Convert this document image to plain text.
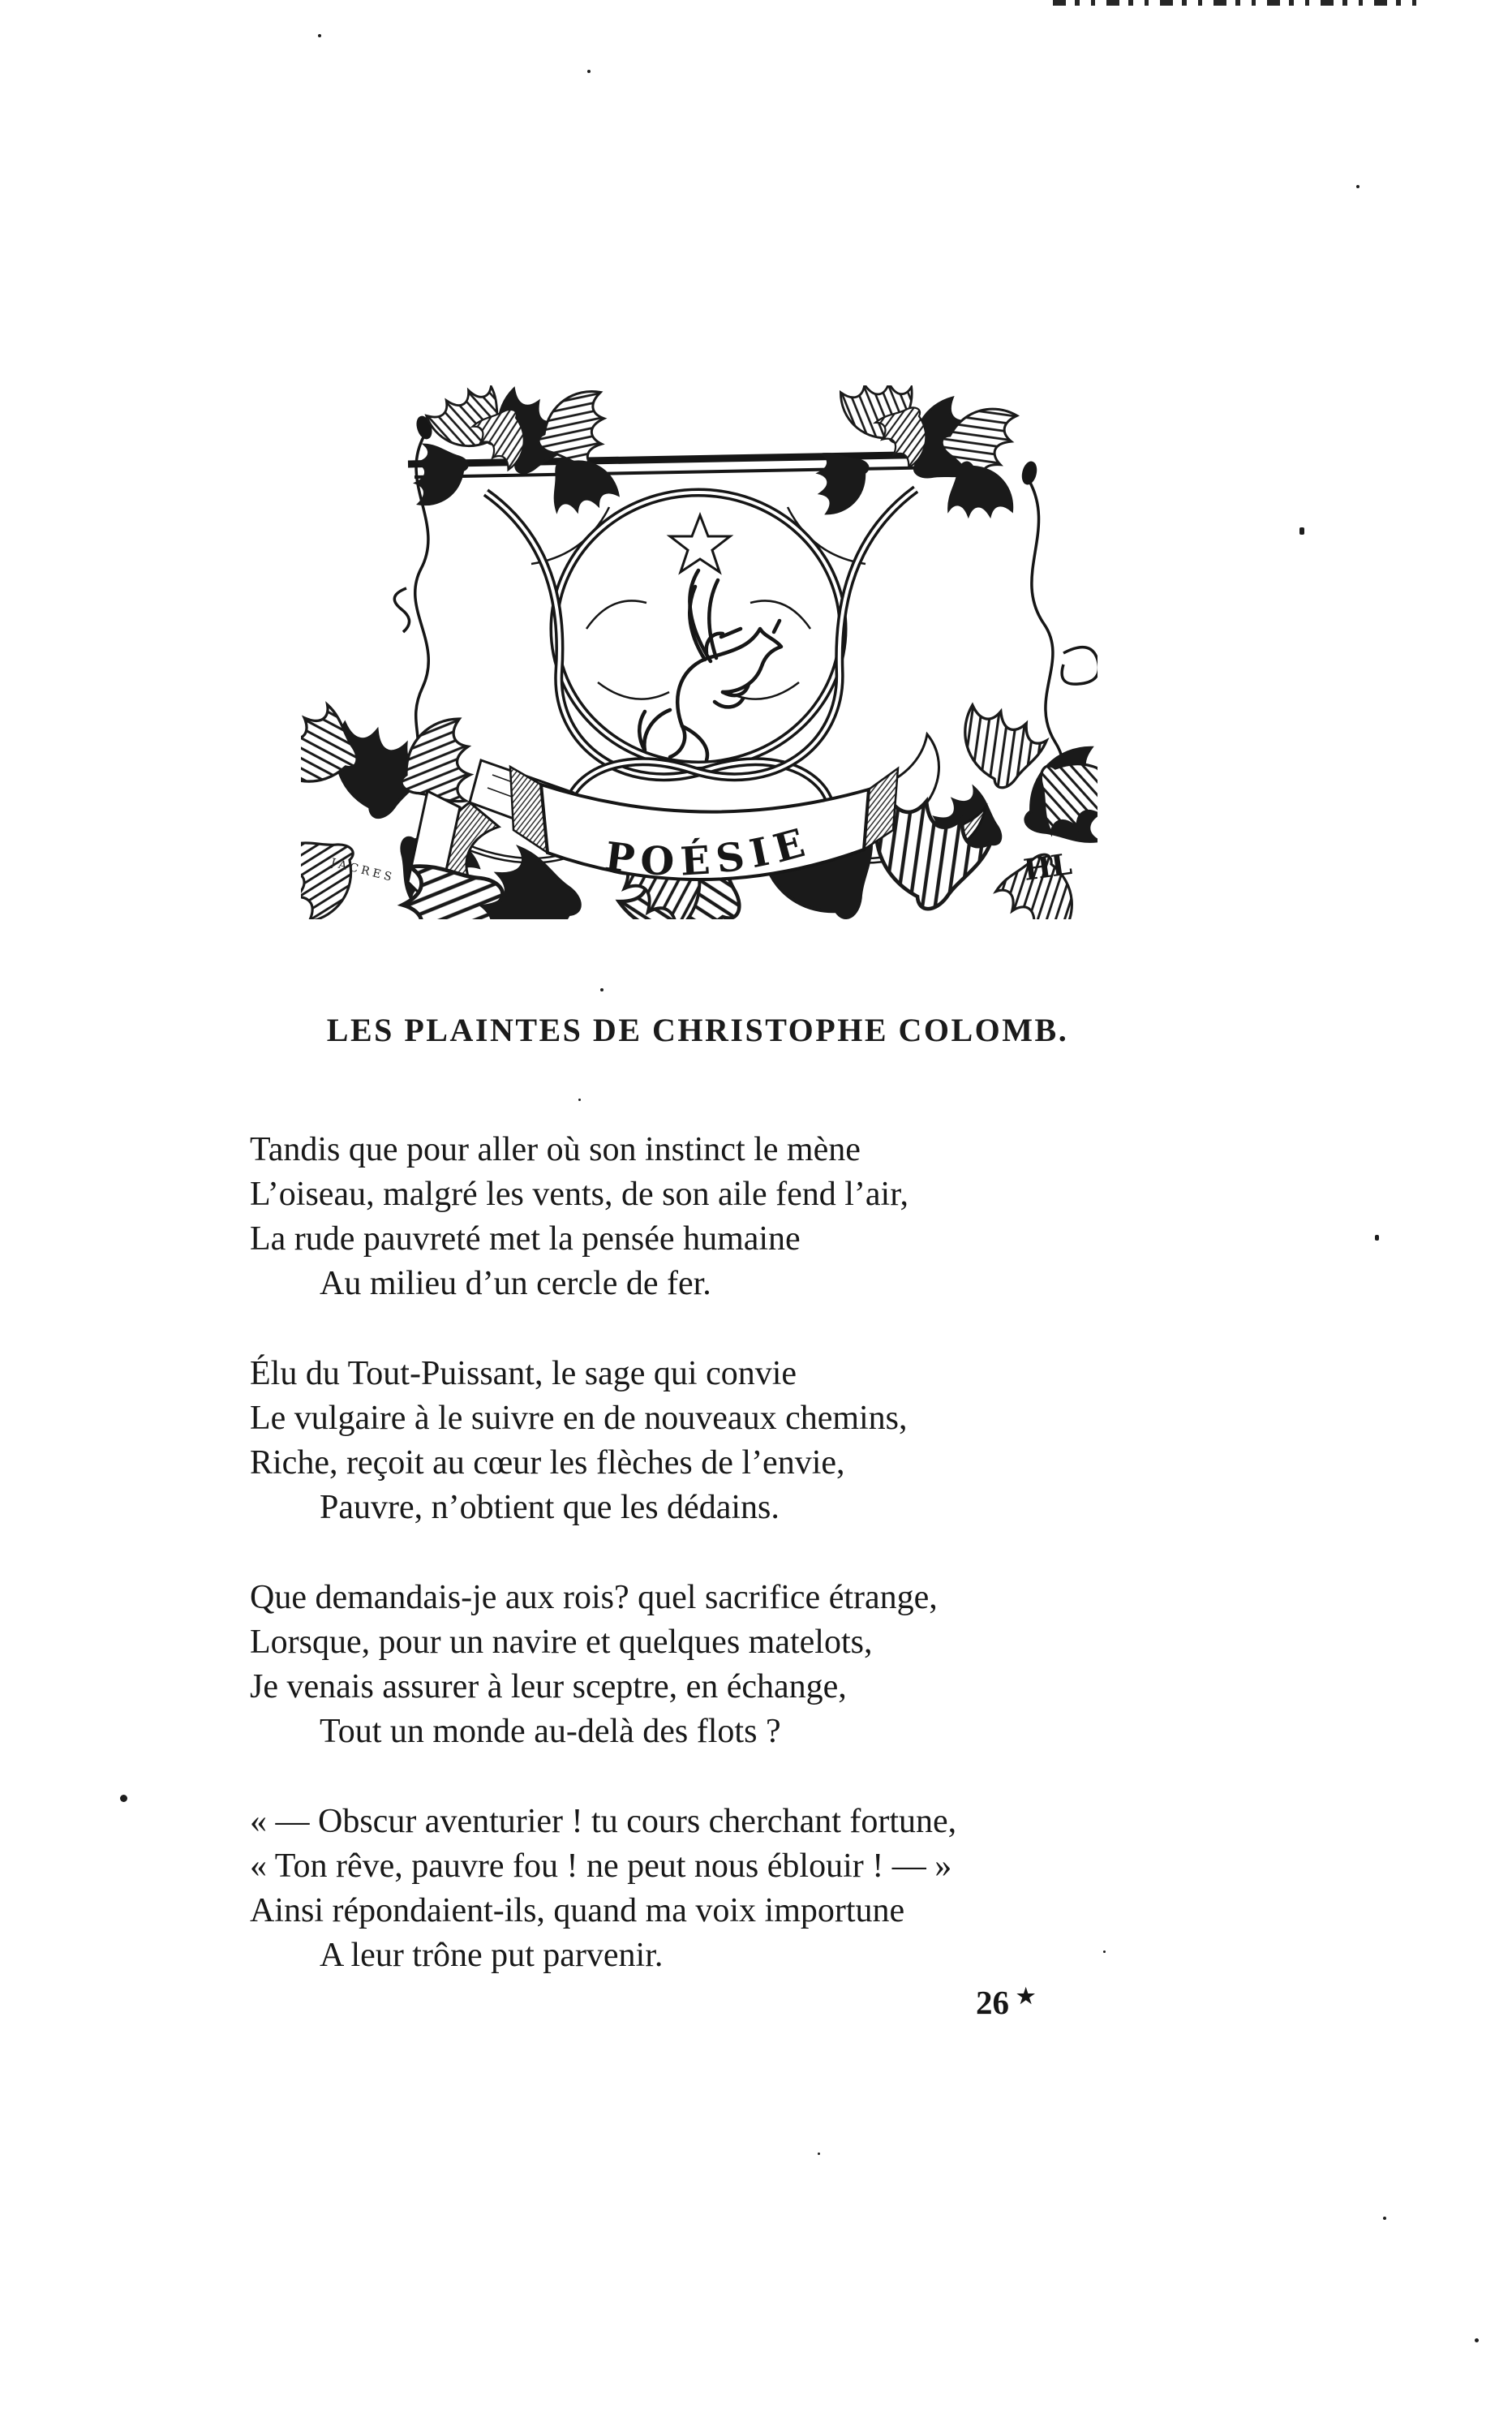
POÉSIE
JACRES	HL
LES PLAINTES DE CHRISTOPHE COLOMB.

Tandis que pour aller où son instinct le mène

L’oiseau, malgré les vents, de son aile fend l’air,

La rude pauvreté met la pensée humaine

Au milieu d’un cercle de fer.

Élu du Tout-Puissant, le sage qui convie

Le vulgaire à le suivre en de nouveaux chemins,

Riche, reçoit au cœur les flèches de l’envie,

Pauvre, n’obtient que les dédains.

Que demandais-je aux rois? quel sacrifice étrange,

Lorsque, pour un navire et quelques matelots,

Je venais assurer à leur sceptre, en échange,

Tout un monde au-delà des flots ?

« — Obscur aventurier ! tu cours cherchant fortune,

« Ton rêve, pauvre fou ! ne peut nous éblouir ! — »

Ainsi répondaient-ils, quand ma voix importune

A leur trône put parvenir.

26 ★
